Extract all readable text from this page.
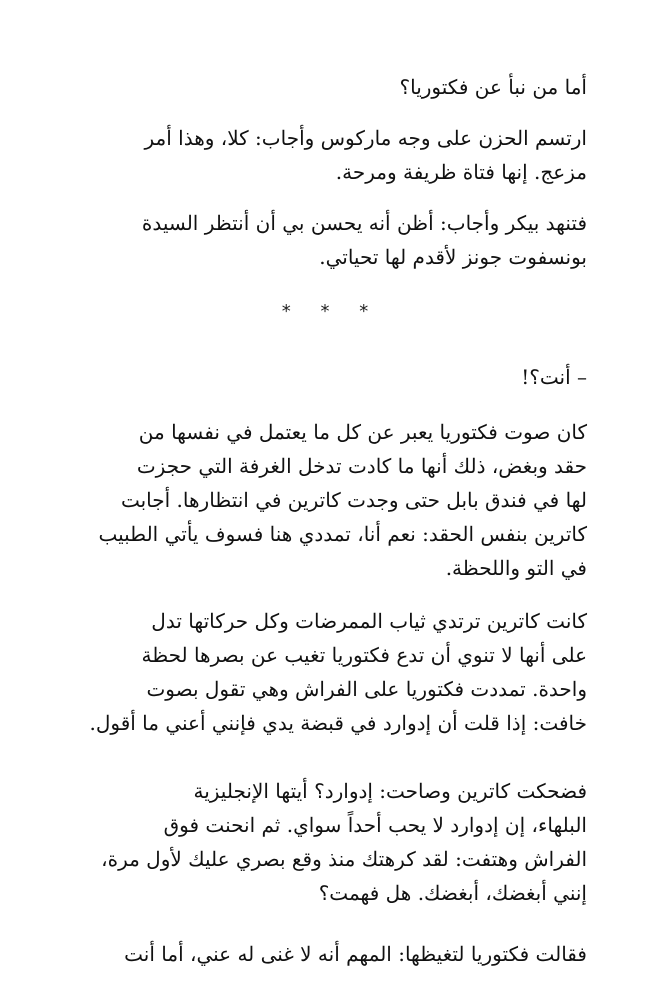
أما من نبأ عن فكتوريا؟

ارتسم الحزن على وجه ماركوس وأجاب: كلا، وهذا أمر
مزعج. إنها فتاة ظريفة ومرحة.

فتنهد بيكر وأجاب: أظن أنه يحسن بي أن أنتظر السيدة
بونسفوت جونز لأقدم لها تحياتي.

* * *

– أنت؟!

كان صوت فكتوريا يعبر عن كل ما يعتمل في نفسها من
حقد وبغض، ذلك أنها ما كادت تدخل الغرفة التي حجزت
لها في فندق بابل حتى وجدت كاترين في انتظارها. أجابت
كاترين بنفس الحقد: نعم أنا، تمددي هنا فسوف يأتي الطبيب
في التو واللحظة.

كانت كاترين ترتدي ثياب الممرضات وكل حركاتها تدل
على أنها لا تنوي أن تدع فكتوريا تغيب عن بصرها لحظة
واحدة. تمددت فكتوريا على الفراش وهي تقول بصوت
خافت: إذا قلت أن إدوارد في قبضة يدي فإنني أعني ما أقول.

فضحكت كاترين وصاحت: إدوارد؟ أيتها الإنجليزية
البلهاء، إن إدوارد لا يحب أحداً سواي. ثم انحنت فوق
الفراش وهتفت: لقد كرهتك منذ وقع بصري عليك لأول مرة،
إنني أبغضك، أبغضك. هل فهمت؟

فقالت فكتوريا لتغيظها: المهم أنه لا غنى له عني، أما أنت
